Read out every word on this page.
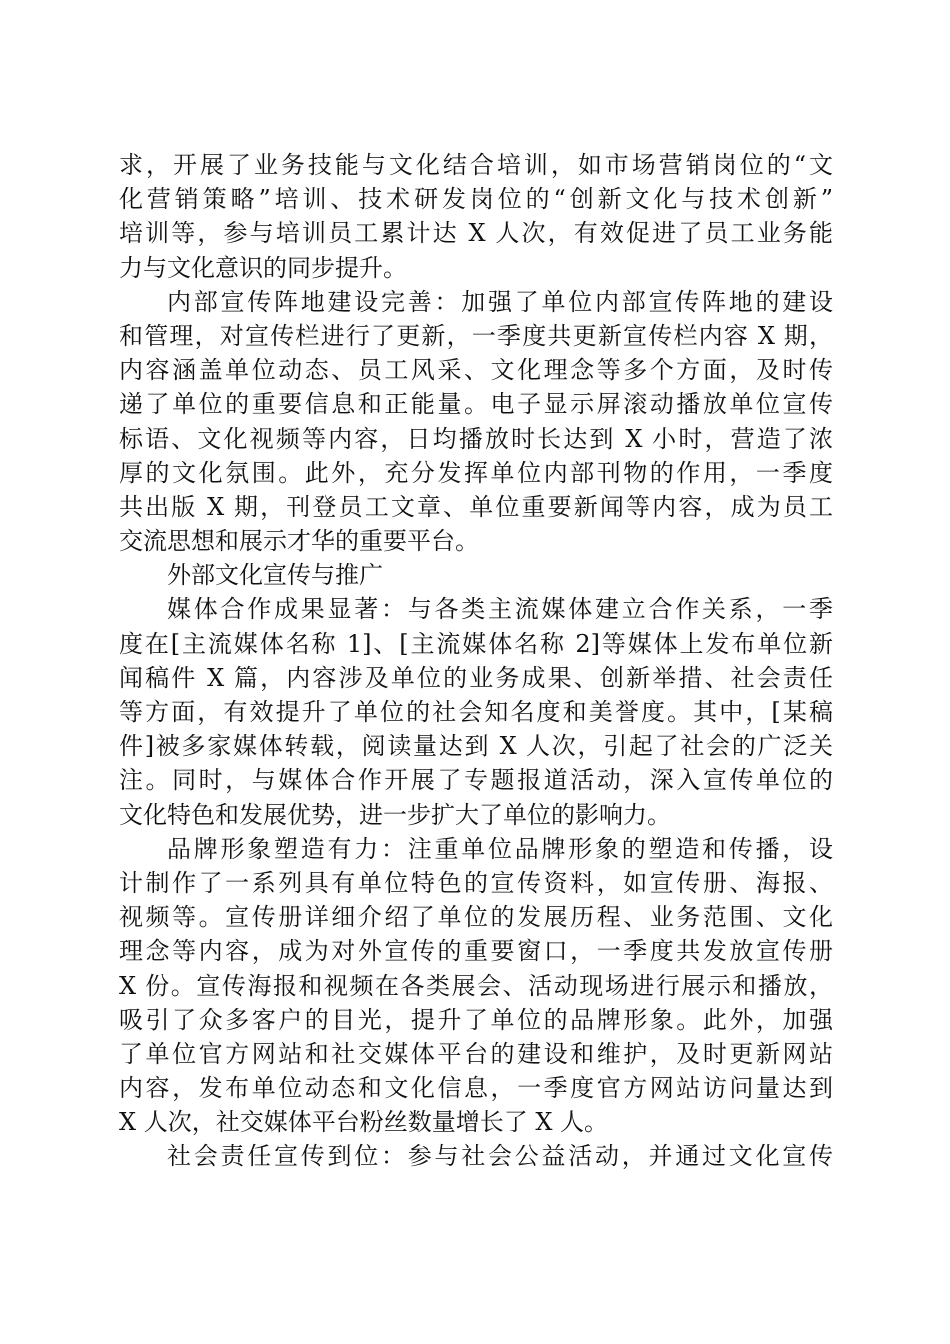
求，开展了业务技能与文化结合培训，如市场营销岗位的“文
化营销策略”培训、技术研发岗位的“创新文化与技术创新”
培训等，参与培训员工累计达 X 人次，有效促进了员工业务能
力与文化意识的同步提升。
内部宣传阵地建设完善：加强了单位内部宣传阵地的建设
和管理，对宣传栏进行了更新，一季度共更新宣传栏内容 X 期，
内容涵盖单位动态、员工风采、文化理念等多个方面，及时传
递了单位的重要信息和正能量。电子显示屏滚动播放单位宣传
标语、文化视频等内容，日均播放时长达到 X 小时，营造了浓
厚的文化氛围。此外，充分发挥单位内部刊物的作用，一季度
共出版 X 期，刊登员工文章、单位重要新闻等内容，成为员工
交流思想和展示才华的重要平台。
外部文化宣传与推广
媒体合作成果显著：与各类主流媒体建立合作关系，一季
度在[主流媒体名称 1]、[主流媒体名称 2]等媒体上发布单位新
闻稿件 X 篇，内容涉及单位的业务成果、创新举措、社会责任
等方面，有效提升了单位的社会知名度和美誉度。其中，[某稿
件]被多家媒体转载，阅读量达到 X 人次，引起了社会的广泛关
注。同时，与媒体合作开展了专题报道活动，深入宣传单位的
文化特色和发展优势，进一步扩大了单位的影响力。
品牌形象塑造有力：注重单位品牌形象的塑造和传播，设
计制作了一系列具有单位特色的宣传资料，如宣传册、海报、
视频等。宣传册详细介绍了单位的发展历程、业务范围、文化
理念等内容，成为对外宣传的重要窗口，一季度共发放宣传册
X 份。宣传海报和视频在各类展会、活动现场进行展示和播放，
吸引了众多客户的目光，提升了单位的品牌形象。此外，加强
了单位官方网站和社交媒体平台的建设和维护，及时更新网站
内容，发布单位动态和文化信息，一季度官方网站访问量达到
X 人次，社交媒体平台粉丝数量增长了 X 人。
社会责任宣传到位：参与社会公益活动，并通过文化宣传
